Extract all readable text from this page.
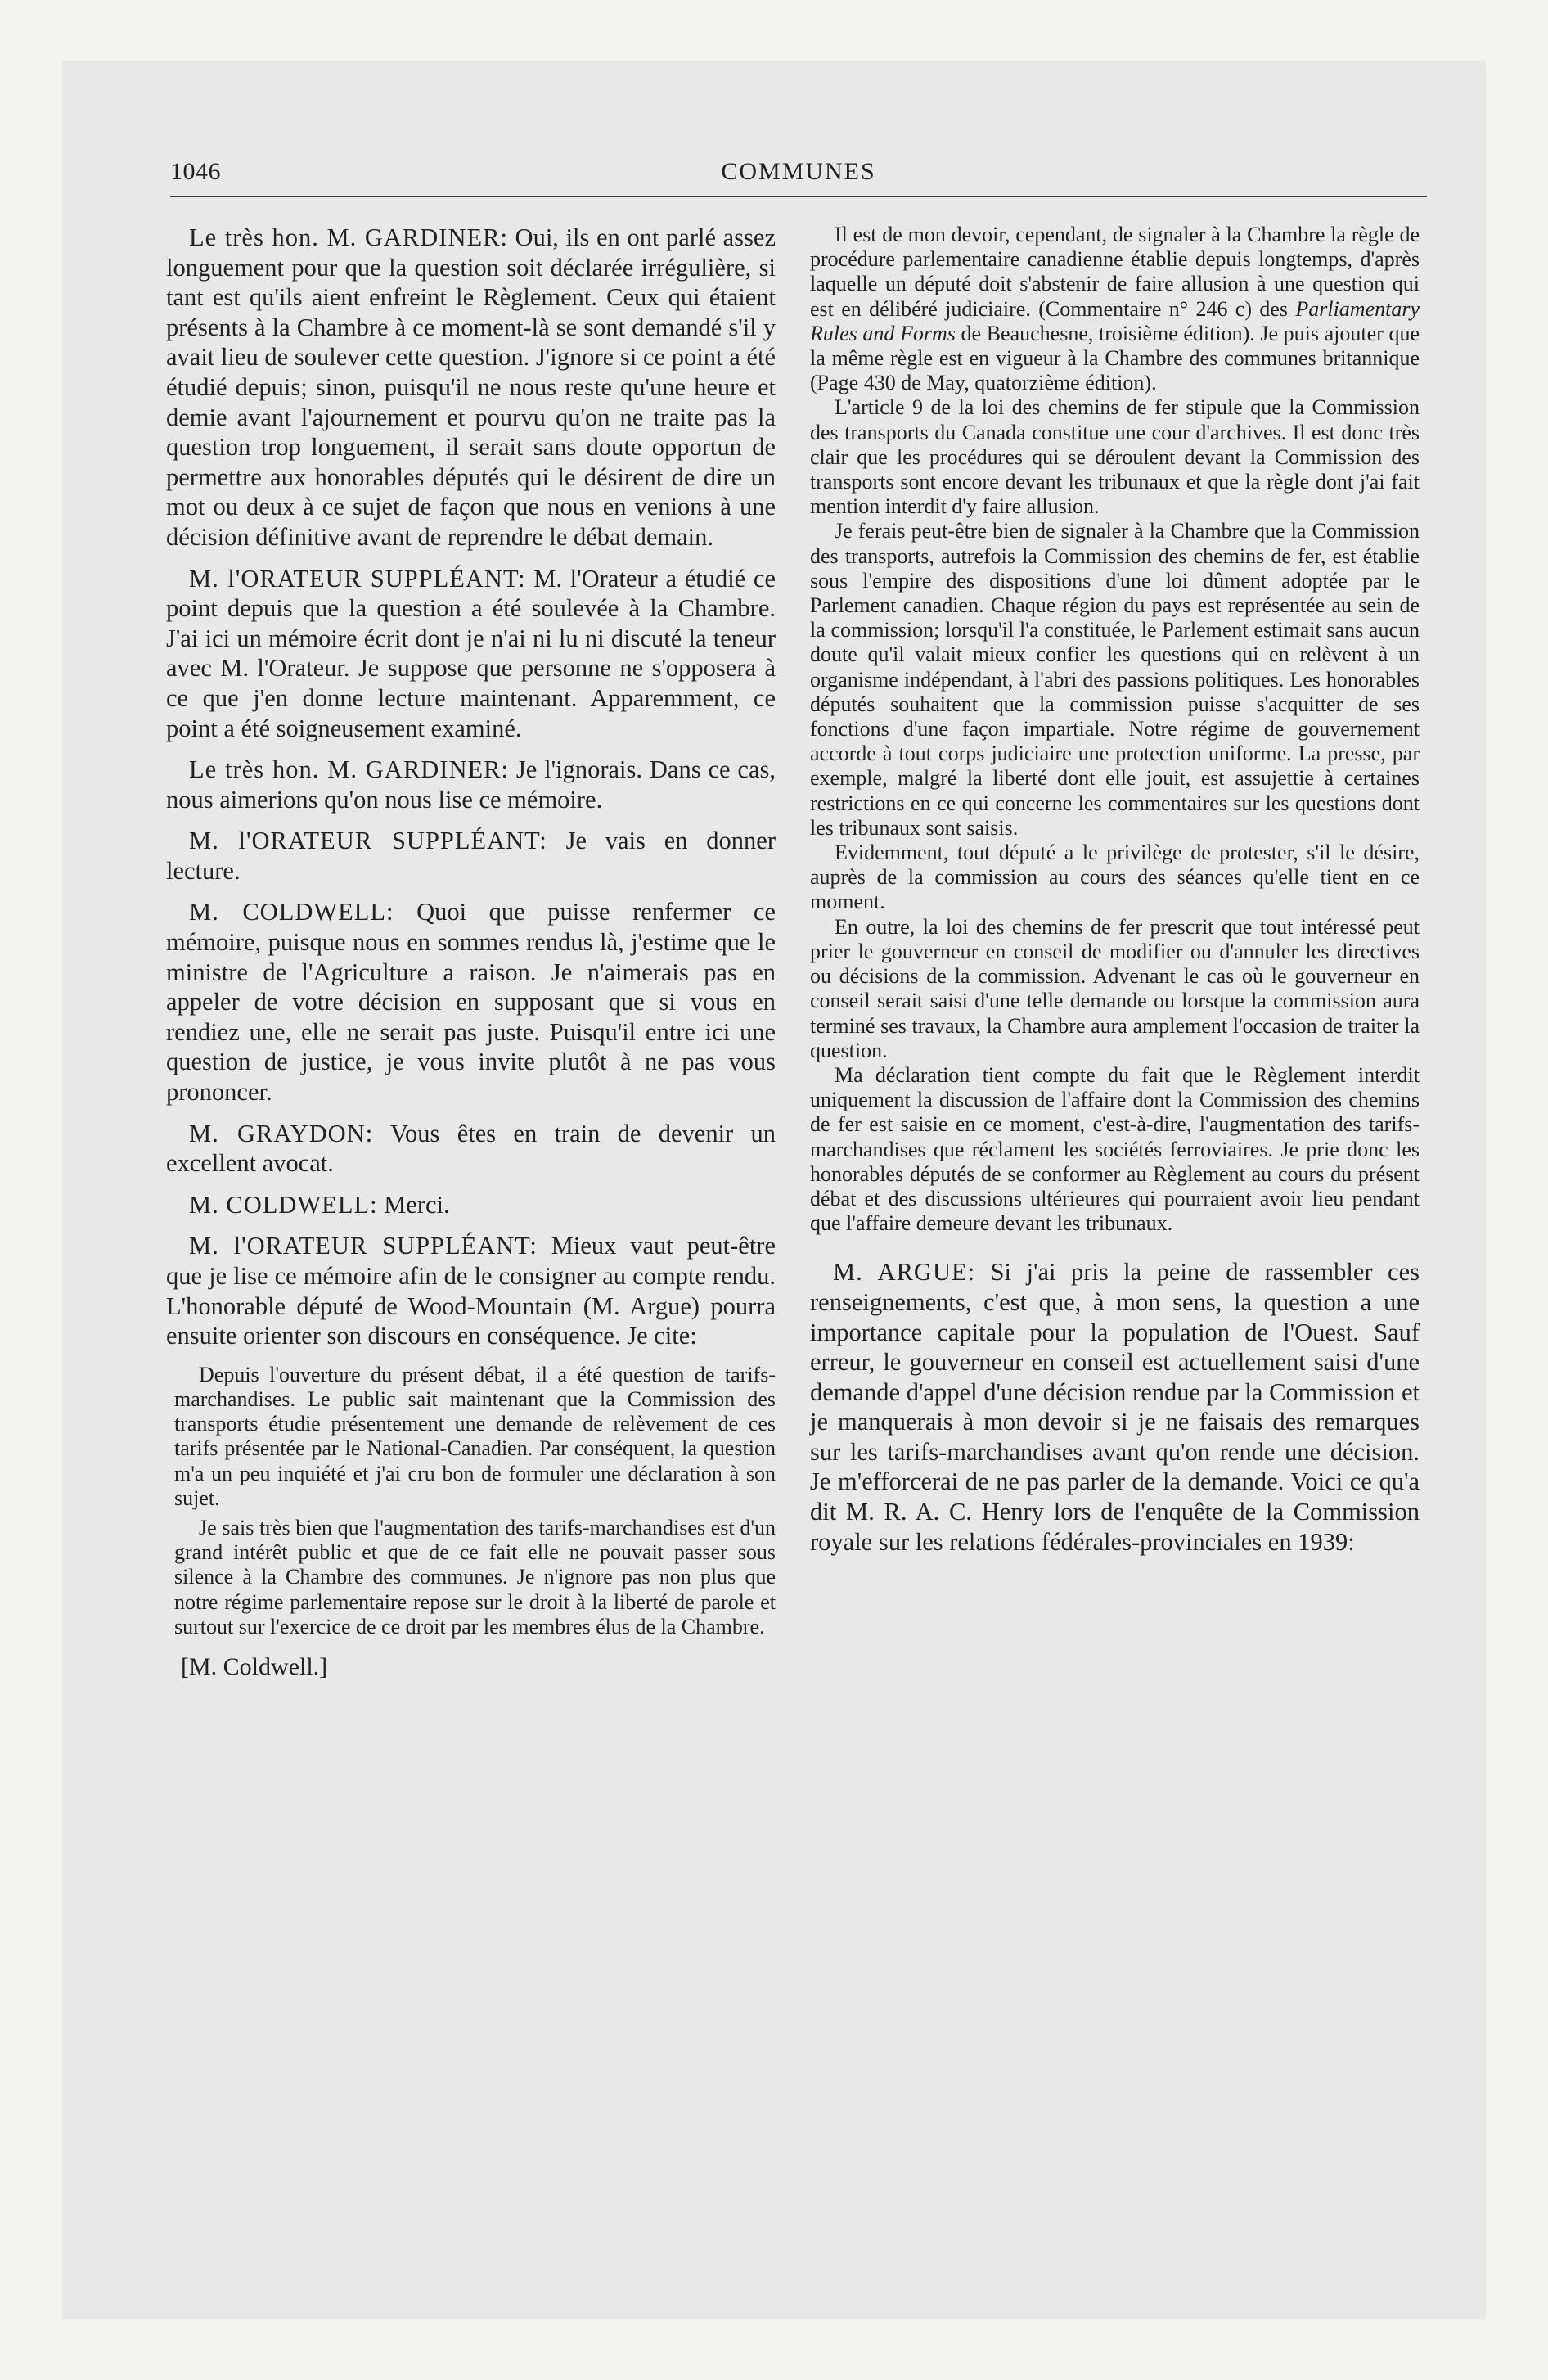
1046	COMMUNES

Le très hon. M. GARDINER: Oui, ils en ont parlé assez longuement pour que la question soit déclarée irrégulière, si tant est qu'ils aient enfreint le Règlement. Ceux qui étaient présents à la Chambre à ce moment-là se sont demandé s'il y avait lieu de soulever cette question. J'ignore si ce point a été étudié depuis; sinon, puisqu'il ne nous reste qu'une heure et demie avant l'ajournement et pourvu qu'on ne traite pas la question trop longuement, il serait sans doute opportun de permettre aux honorables députés qui le désirent de dire un mot ou deux à ce sujet de façon que nous en venions à une décision définitive avant de reprendre le débat demain.

M. l'ORATEUR SUPPLÉANT: M. l'Orateur a étudié ce point depuis que la question a été soulevée à la Chambre. J'ai ici un mémoire écrit dont je n'ai ni lu ni discuté la teneur avec M. l'Orateur. Je suppose que personne ne s'opposera à ce que j'en donne lecture maintenant. Apparemment, ce point a été soigneusement examiné.

Le très hon. M. GARDINER: Je l'ignorais. Dans ce cas, nous aimerions qu'on nous lise ce mémoire.

M. l'ORATEUR SUPPLÉANT: Je vais en donner lecture.

M. COLDWELL: Quoi que puisse renfermer ce mémoire, puisque nous en sommes rendus là, j'estime que le ministre de l'Agriculture a raison. Je n'aimerais pas en appeler de votre décision en supposant que si vous en rendiez une, elle ne serait pas juste. Puisqu'il entre ici une question de justice, je vous invite plutôt à ne pas vous prononcer.

M. GRAYDON: Vous êtes en train de devenir un excellent avocat.

M. COLDWELL: Merci.

M. l'ORATEUR SUPPLÉANT: Mieux vaut peut-être que je lise ce mémoire afin de le consigner au compte rendu. L'honorable député de Wood-Mountain (M. Argue) pourra ensuite orienter son discours en conséquence. Je cite:

Depuis l'ouverture du présent débat, il a été question de tarifs-marchandises. Le public sait maintenant que la Commission des transports étudie présentement une demande de relèvement de ces tarifs présentée par le National-Canadien. Par conséquent, la question m'a un peu inquiété et j'ai cru bon de formuler une déclaration à son sujet.

Je sais très bien que l'augmentation des tarifs-marchandises est d'un grand intérêt public et que de ce fait elle ne pouvait passer sous silence à la Chambre des communes. Je n'ignore pas non plus que notre régime parlementaire repose sur le droit à la liberté de parole et surtout sur l'exercice de ce droit par les membres élus de la Chambre.

[M. Coldwell.]

Il est de mon devoir, cependant, de signaler à la Chambre la règle de procédure parlementaire canadienne établie depuis longtemps, d'après laquelle un député doit s'abstenir de faire allusion à une question qui est en délibéré judiciaire. (Commentaire n° 246 c) des Parliamentary Rules and Forms de Beauchesne, troisième édition). Je puis ajouter que la même règle est en vigueur à la Chambre des communes britannique (Page 430 de May, quatorzième édition).

L'article 9 de la loi des chemins de fer stipule que la Commission des transports du Canada constitue une cour d'archives. Il est donc très clair que les procédures qui se déroulent devant la Commission des transports sont encore devant les tribunaux et que la règle dont j'ai fait mention interdit d'y faire allusion.

Je ferais peut-être bien de signaler à la Chambre que la Commission des transports, autrefois la Commission des chemins de fer, est établie sous l'empire des dispositions d'une loi dûment adoptée par le Parlement canadien. Chaque région du pays est représentée au sein de la commission; lorsqu'il l'a constituée, le Parlement estimait sans aucun doute qu'il valait mieux confier les questions qui en relèvent à un organisme indépendant, à l'abri des passions politiques. Les honorables députés souhaitent que la commission puisse s'acquitter de ses fonctions d'une façon impartiale. Notre régime de gouvernement accorde à tout corps judiciaire une protection uniforme. La presse, par exemple, malgré la liberté dont elle jouit, est assujettie à certaines restrictions en ce qui concerne les commentaires sur les questions dont les tribunaux sont saisis.

Evidemment, tout député a le privilège de protester, s'il le désire, auprès de la commission au cours des séances qu'elle tient en ce moment.

En outre, la loi des chemins de fer prescrit que tout intéressé peut prier le gouverneur en conseil de modifier ou d'annuler les directives ou décisions de la commission. Advenant le cas où le gouverneur en conseil serait saisi d'une telle demande ou lorsque la commission aura terminé ses travaux, la Chambre aura amplement l'occasion de traiter la question.

Ma déclaration tient compte du fait que le Règlement interdit uniquement la discussion de l'affaire dont la Commission des chemins de fer est saisie en ce moment, c'est-à-dire, l'augmentation des tarifs-marchandises que réclament les sociétés ferroviaires. Je prie donc les honorables députés de se conformer au Règlement au cours du présent débat et des discussions ultérieures qui pourraient avoir lieu pendant que l'affaire demeure devant les tribunaux.

M. ARGUE: Si j'ai pris la peine de rassembler ces renseignements, c'est que, à mon sens, la question a une importance capitale pour la population de l'Ouest. Sauf erreur, le gouverneur en conseil est actuellement saisi d'une demande d'appel d'une décision rendue par la Commission et je manquerais à mon devoir si je ne faisais des remarques sur les tarifs-marchandises avant qu'on rende une décision. Je m'efforcerai de ne pas parler de la demande. Voici ce qu'a dit M. R. A. C. Henry lors de l'enquête de la Commission royale sur les relations fédérales-provinciales en 1939:
